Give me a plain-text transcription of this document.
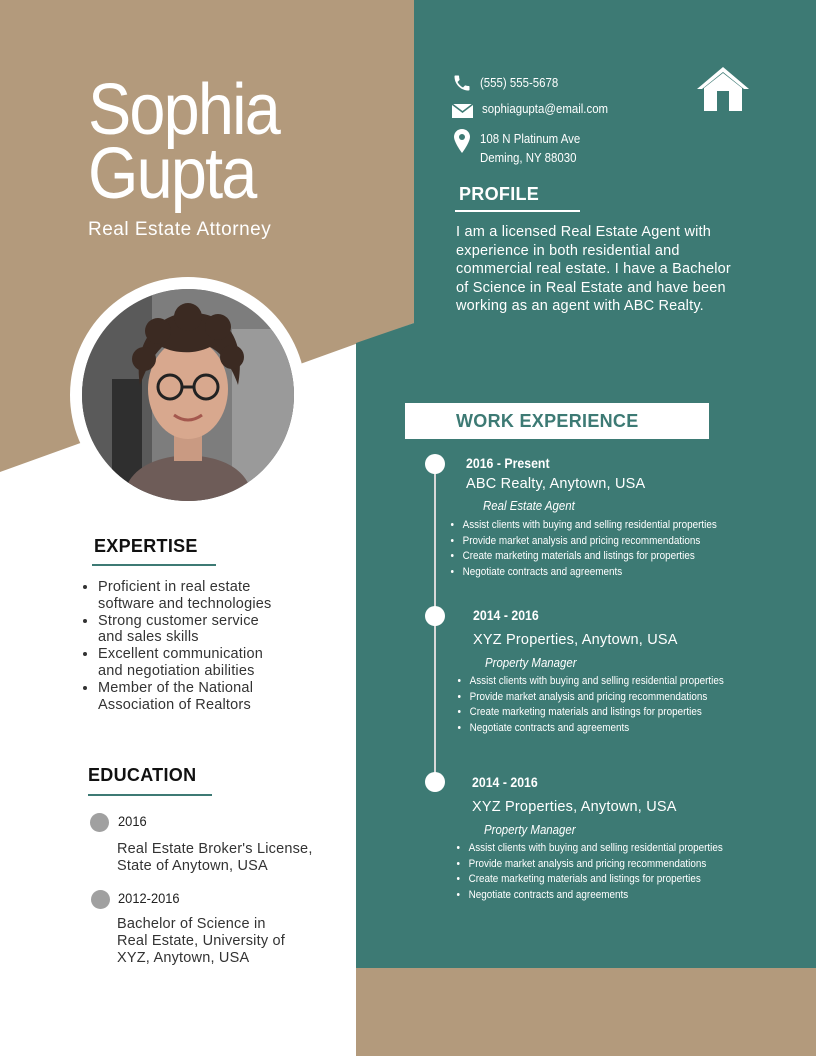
Sophia
Gupta
Real Estate Attorney
(555) 555-5678
sophiagupta@email.com
108 N Platinum Ave
Deming, NY 88030
PROFILE
I am a licensed Real Estate Agent with
experience in both residential and
commercial real estate. I have a Bachelor
of Science in Real Estate and have been
working as an agent with ABC Realty.
EXPERTISE
• Proficient in real estate
software and technologies
• Strong customer service
and sales skills
• Excellent communication
and negotiation abilities
• Member of the National
Association of Realtors
EDUCATION
2016
Real Estate Broker's License,
State of Anytown, USA
2012-2016
Bachelor of Science in
Real Estate, University of
XYZ, Anytown, USA
WORK EXPERIENCE
2016 - Present
ABC Realty, Anytown, USA
Real Estate Agent
• Assist clients with buying and selling residential properties
• Provide market analysis and pricing recommendations
• Create marketing materials and listings for properties
• Negotiate contracts and agreements
2014 - 2016
XYZ Properties, Anytown, USA
Property Manager
• Assist clients with buying and selling residential properties
• Provide market analysis and pricing recommendations
• Create marketing materials and listings for properties
• Negotiate contracts and agreements
2014 - 2016
XYZ Properties, Anytown, USA
Property Manager
• Assist clients with buying and selling residential properties
• Provide market analysis and pricing recommendations
• Create marketing materials and listings for properties
• Negotiate contracts and agreements
